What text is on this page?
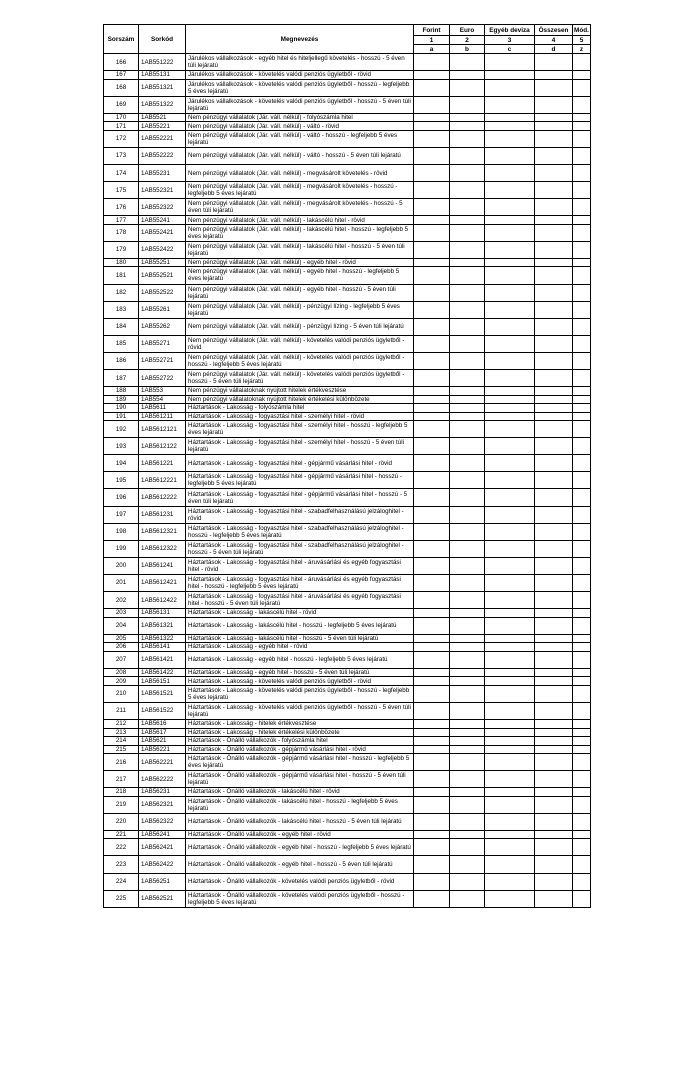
Sorszám	Sorkód	Megnevezés	Forint	Euro	Egyéb deviza	Összesen	Mód.
			1	2	3	4	5
			a	b	c	d	z
166	1AB551222	Járulékos vállalkozások - egyéb hitel és hiteljellegű követelés - hosszú - 5 éven túli lejáratú					
167	1AB55131	Járulékos vállalkozások - követelés valódi penziós ügyletből - rövid					
168	1AB551321	Járulékos vállalkozások - követelés valódi penziós ügyletből - hosszú - legfeljebb 5 éves lejáratú					
169	1AB551322	Járulékos vállalkozások - követelés valódi penziós ügyletből - hosszú - 5 éven túli lejáratú					
170	1AB5521	Nem pénzügyi vállalatok (Jár. váll. nélkül) - folyószámla hitel					
171	1AB55221	Nem pénzügyi vállalatok (Jár. váll. nélkül) - váltó - rövid					
172	1AB552221	Nem pénzügyi vállalatok (Jár. váll. nélkül) - váltó - hosszú - legfeljebb 5 éves lejáratú					
173	1AB552222	Nem pénzügyi vállalatok (Jár. váll. nélkül) - váltó - hosszú - 5 éven túli lejáratú					
174	1AB55231	Nem pénzügyi vállalatok (Jár. váll. nélkül) - megvásárolt követelés - rövid					
175	1AB552321	Nem pénzügyi vállalatok (Jár. váll. nélkül) - megvásárolt követelés - hosszú - legfeljebb 5 éves lejáratú					
176	1AB552322	Nem pénzügyi vállalatok (Jár. váll. nélkül) - megvásárolt követelés - hosszú - 5 éven túli lejáratú					
177	1AB55241	Nem pénzügyi vállalatok (Jár. váll. nélkül) - lakáscélú hitel - rövid					
178	1AB552421	Nem pénzügyi vállalatok (Jár. váll. nélkül) - lakáscélú hitel - hosszú - legfeljebb 5 éves lejáratú					
179	1AB552422	Nem pénzügyi vállalatok (Jár. váll. nélkül) - lakáscélú hitel - hosszú - 5 éven túli lejáratú					
180	1AB55251	Nem pénzügyi vállalatok (Jár. váll. nélkül) - egyéb hitel - rövid					
181	1AB552521	Nem pénzügyi vállalatok (Jár. váll. nélkül) - egyéb hitel - hosszú - legfeljebb 5 éves lejáratú					
182	1AB552522	Nem pénzügyi vállalatok (Jár. váll. nélkül) - egyéb hitel - hosszú - 5 éven túli lejáratú					
183	1AB55261	Nem pénzügyi vállalatok (Jár. váll. nélkül) - pénzügyi lízing - legfeljebb 5 éves lejáratú					
184	1AB55262	Nem pénzügyi vállalatok (Jár. váll. nélkül) - pénzügyi lízing - 5 éven túli lejáratú					
185	1AB55271	Nem pénzügyi vállalatok (Jár. váll. nélkül) - követelés valódi penziós ügyletből - rövid					
186	1AB552721	Nem pénzügyi vállalatok (Jár. váll. nélkül) - követelés valódi penziós ügyletből - hosszú - legfeljebb 5 éves lejáratú					
187	1AB552722	Nem pénzügyi vállalatok (Jár. váll. nélkül) - követelés valódi penziós ügyletből - hosszú - 5 éven túli lejáratú					
188	1AB553	Nem pénzügyi vállalatoknak nyújtott hitelek értékvesztése					
189	1AB554	Nem pénzügyi vállalatoknak nyújtott hitelek értékelési különbözete					
190	1AB5611	Háztartások - Lakosság - folyószámla hitel					
191	1AB561211	Háztartások - Lakosság - fogyasztási hitel - személyi hitel - rövid					
192	1AB5612121	Háztartások - Lakosság - fogyasztási hitel - személyi hitel - hosszú - legfeljebb 5 éves lejáratú					
193	1AB5612122	Háztartások - Lakosság - fogyasztási hitel - személyi hitel - hosszú - 5 éven túli lejáratú					
194	1AB561221	Háztartások - Lakosság - fogyasztási hitel - gépjármű vásárlási hitel - rövid					
195	1AB5612221	Háztartások - Lakosság - fogyasztási hitel - gépjármű vásárlási hitel - hosszú - legfeljebb 5 éves lejáratú					
196	1AB5612222	Háztartások - Lakosság - fogyasztási hitel - gépjármű vásárlási hitel - hosszú - 5 éven túli lejáratú					
197	1AB561231	Háztartások - Lakosság - fogyasztási hitel - szabadfelhasználású jelzáloghitel - rövid					
198	1AB5612321	Háztartások - Lakosság - fogyasztási hitel - szabadfelhasználású jelzáloghitel - hosszú - legfeljebb 5 éves lejáratú					
199	1AB5612322	Háztartások - Lakosság - fogyasztási hitel - szabadfelhasználású jelzáloghitel - hosszú - 5 éven túli lejáratú					
200	1AB561241	Háztartások - Lakosság - fogyasztási hitel - áruvásárlási és egyéb fogyasztási hitel - rövid					
201	1AB5612421	Háztartások - Lakosság - fogyasztási hitel - áruvásárlási és egyéb fogyasztási hitel - hosszú - legfeljebb 5 éves lejáratú					
202	1AB5612422	Háztartások - Lakosság - fogyasztási hitel - áruvásárlási és egyéb fogyasztási hitel - hosszú - 5 éven túli lejáratú					
203	1AB56131	Háztartások - Lakosság - lakáscélú hitel - rövid					
204	1AB561321	Háztartások - Lakosság - lakáscélú hitel - hosszú - legfeljebb 5 éves lejáratú					
205	1AB561322	Háztartások - Lakosság - lakáscélú hitel - hosszú - 5 éven túli lejáratú					
206	1AB56141	Háztartások - Lakosság - egyéb hitel - rövid					
207	1AB561421	Háztartások - Lakosság - egyéb hitel - hosszú - legfeljebb 5 éves lejáratú					
208	1AB561422	Háztartások - Lakosság - egyéb hitel - hosszú - 5 éven túli lejáratú					
209	1AB56151	Háztartások - Lakosság - követelés valódi penziós ügyletből - rövid					
210	1AB561521	Háztartások - Lakosság - követelés valódi penziós ügyletből - hosszú - legfeljebb 5 éves lejáratú					
211	1AB561522	Háztartások - Lakosság - követelés valódi penziós ügyletből - hosszú - 5 éven túli lejáratú					
212	1AB5616	Háztartások - Lakosság - hitelek értékvesztése					
213	1AB5617	Háztartások - Lakosság - hitelek értékelési különbözete					
214	1AB5621	Háztartások - Önálló vállalkozók - folyószámla hitel					
215	1AB56221	Háztartások - Önálló vállalkozók - gépjármű vásárlási hitel - rövid					
216	1AB562221	Háztartások - Önálló vállalkozók - gépjármű vásárlási hitel - hosszú - legfeljebb 5 éves lejáratú					
217	1AB562222	Háztartások - Önálló vállalkozók - gépjármű vásárlási hitel - hosszú - 5 éven túli lejáratú					
218	1AB56231	Háztartások - Önálló vállalkozók - lakáscélú hitel - rövid					
219	1AB562321	Háztartások - Önálló vállalkozók - lakáscélú hitel - hosszú - legfeljebb 5 éves lejáratú					
220	1AB562322	Háztartások - Önálló vállalkozók - lakáscélú hitel - hosszú - 5 éven túli lejáratú					
221	1AB56241	Háztartások - Önálló vállalkozók - egyéb hitel - rövid					
222	1AB562421	Háztartások - Önálló vállalkozók - egyéb hitel - hosszú - legfeljebb 5 éves lejáratú					
223	1AB562422	Háztartások - Önálló vállalkozók - egyéb hitel - hosszú - 5 éven túli lejáratú					
224	1AB56251	Háztartások - Önálló vállalkozók - követelés valódi penziós ügyletből - rövid					
225	1AB562521	Háztartások - Önálló vállalkozók - követelés valódi penziós ügyletből - hosszú - legfeljebb 5 éves lejáratú					
